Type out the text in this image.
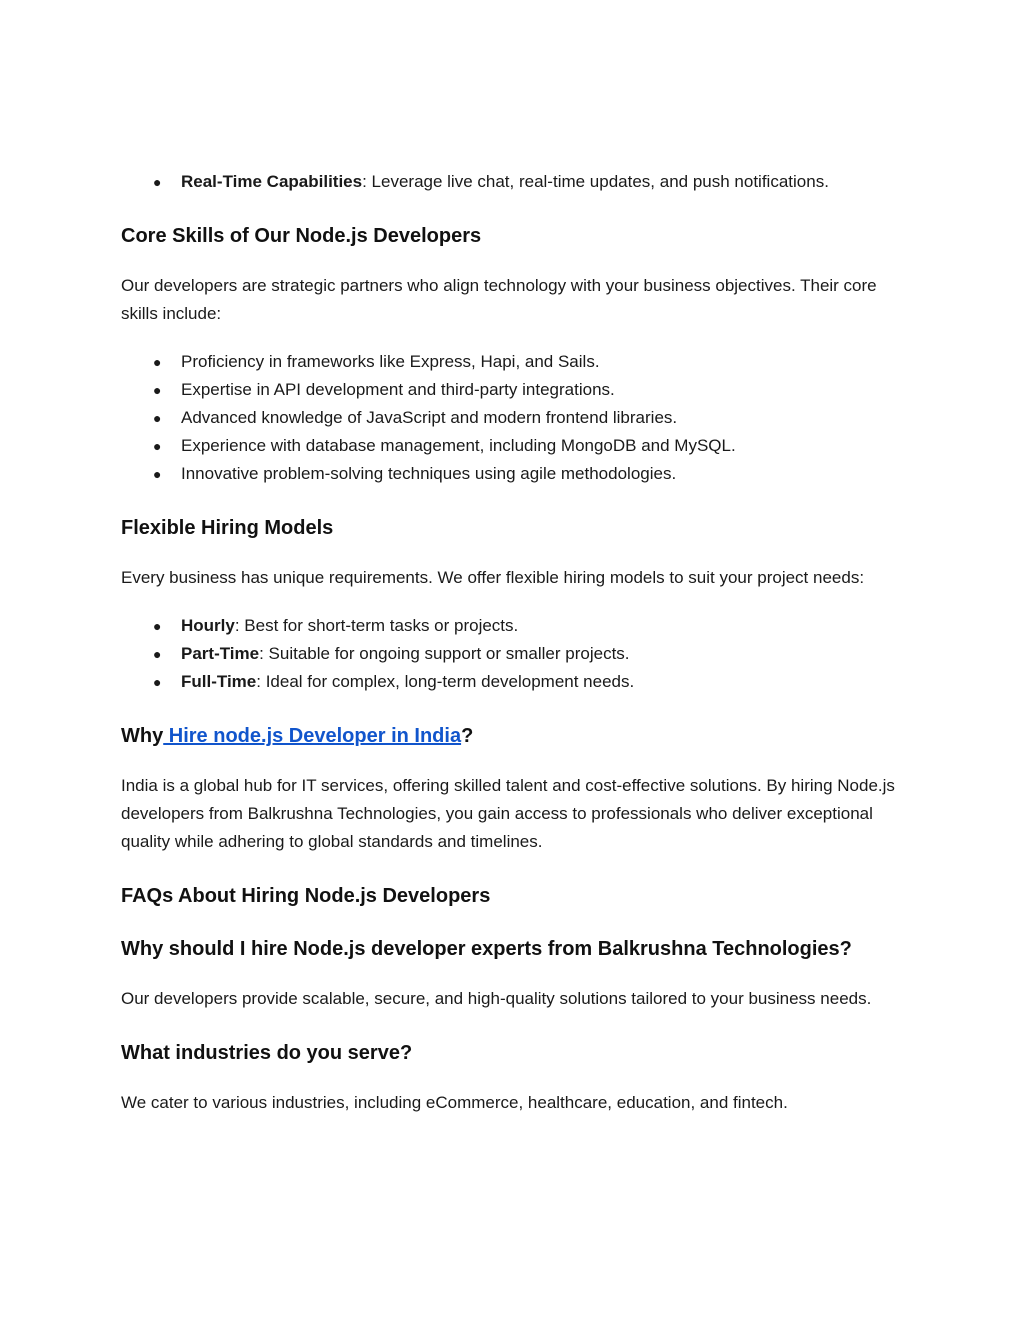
● Real-Time Capabilities: Leverage live chat, real-time updates, and push notifications.
Core Skills of Our Node.js Developers

Our developers are strategic partners who align technology with your business objectives. Their core skills include:

● Proficiency in frameworks like Express, Hapi, and Sails.
● Expertise in API development and third-party integrations.
● Advanced knowledge of JavaScript and modern frontend libraries.
● Experience with database management, including MongoDB and MySQL.
● Innovative problem-solving techniques using agile methodologies.
Flexible Hiring Models

Every business has unique requirements. We offer flexible hiring models to suit your project needs:

● Hourly: Best for short-term tasks or projects.
● Part-Time: Suitable for ongoing support or smaller projects.
● Full-Time: Ideal for complex, long-term development needs.
Why Hire node.js Developer in India?

India is a global hub for IT services, offering skilled talent and cost-effective solutions. By hiring Node.js developers from Balkrushna Technologies, you gain access to professionals who deliver exceptional quality while adhering to global standards and timelines.

FAQs About Hiring Node.js Developers
Why should I hire Node.js developer experts from Balkrushna Technologies?

Our developers provide scalable, secure, and high-quality solutions tailored to your business needs.

What industries do you serve?

We cater to various industries, including eCommerce, healthcare, education, and fintech.
